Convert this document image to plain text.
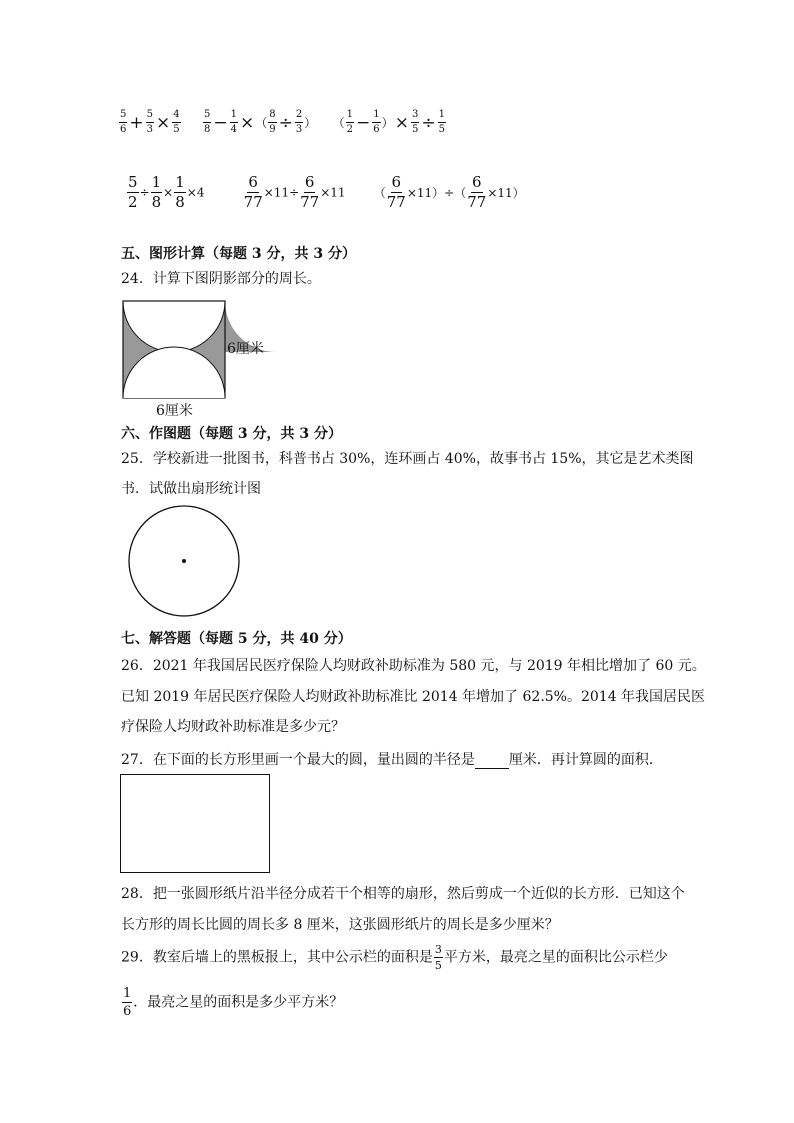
$\frac{5}{6} + \frac{5}{3} \times \frac{4}{5}$
$\frac{5}{8} - \frac{1}{4}$ ×（ $\frac{8}{9} \div \frac{2}{3}$ ） （ $\frac{1}{2} - \frac{1}{6}$ ）× $\frac{3}{5} \div \frac{1}{5}$
$\frac{5}{2} \div \frac{1}{8} \times \frac{1}{8} \times 4$	$\frac{6}{77} \times 11\div \frac{6}{77} \times 11$ （ $\frac{6}{77} \times 11)\div( \frac{6}{77} \times 11)$
五、图形计算（每题 3 分，共 3 分）
24．计算下图阴影部分的周长。
6厘米
6厘米
六、作图题（每题 3 分，共 3 分）
25．学校新进一批图书，科普书占 30%，连环画占 40%，故事书占 15%，其它是艺术类图
书．试做出扇形统计图
七、解答题（每题 5 分，共 40 分）
26．2021 年我国居民医疗保险人均财政补助标准为 580 元，与 2019 年相比增加了 60 元。
已知 2019 年居民医疗保险人均财政补助标准比 2014 年增加了 62.5%。2014 年我国居民医
疗保险人均财政补助标准是多少元？
27．在下面的长方形里画一个最大的圆，量出圆的半径是 厘米．再计算圆的面积．
28．把一张圆形纸片沿半径分成若干个相等的扇形，然后剪成一个近似的长方形．已知这个
长方形的周长比圆的周长多 8 厘米，这张圆形纸片的周长是多少厘米？
29．教室后墙上的黑板报上，其中公示栏的面积是 $\frac{3}{5}$ 平方米，最亮之星的面积比公示栏少
$\frac{1}{6}$ ．最亮之星的面积是多少平方米？
